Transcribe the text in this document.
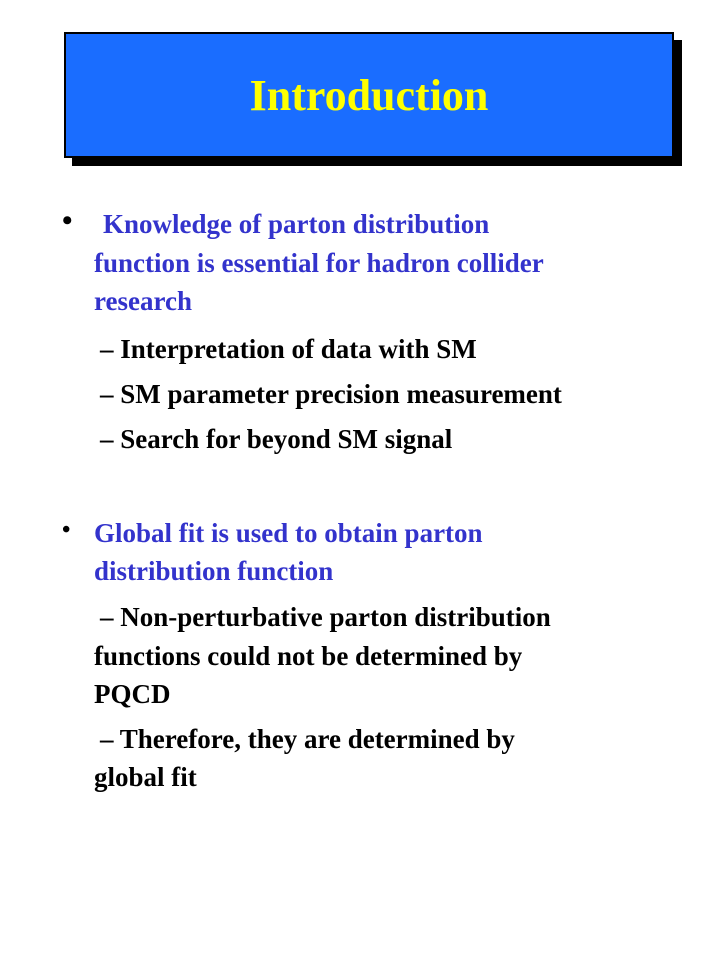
Introduction
• Knowledge of parton distribution
function is essential for hadron collider
research
– Interpretation of data with SM
– SM parameter precision measurement
– Search for beyond SM signal
• Global fit is used to obtain parton
distribution function
– Non-perturbative parton distribution
functions could not be determined by
PQCD
– Therefore, they are determined by
global fit
